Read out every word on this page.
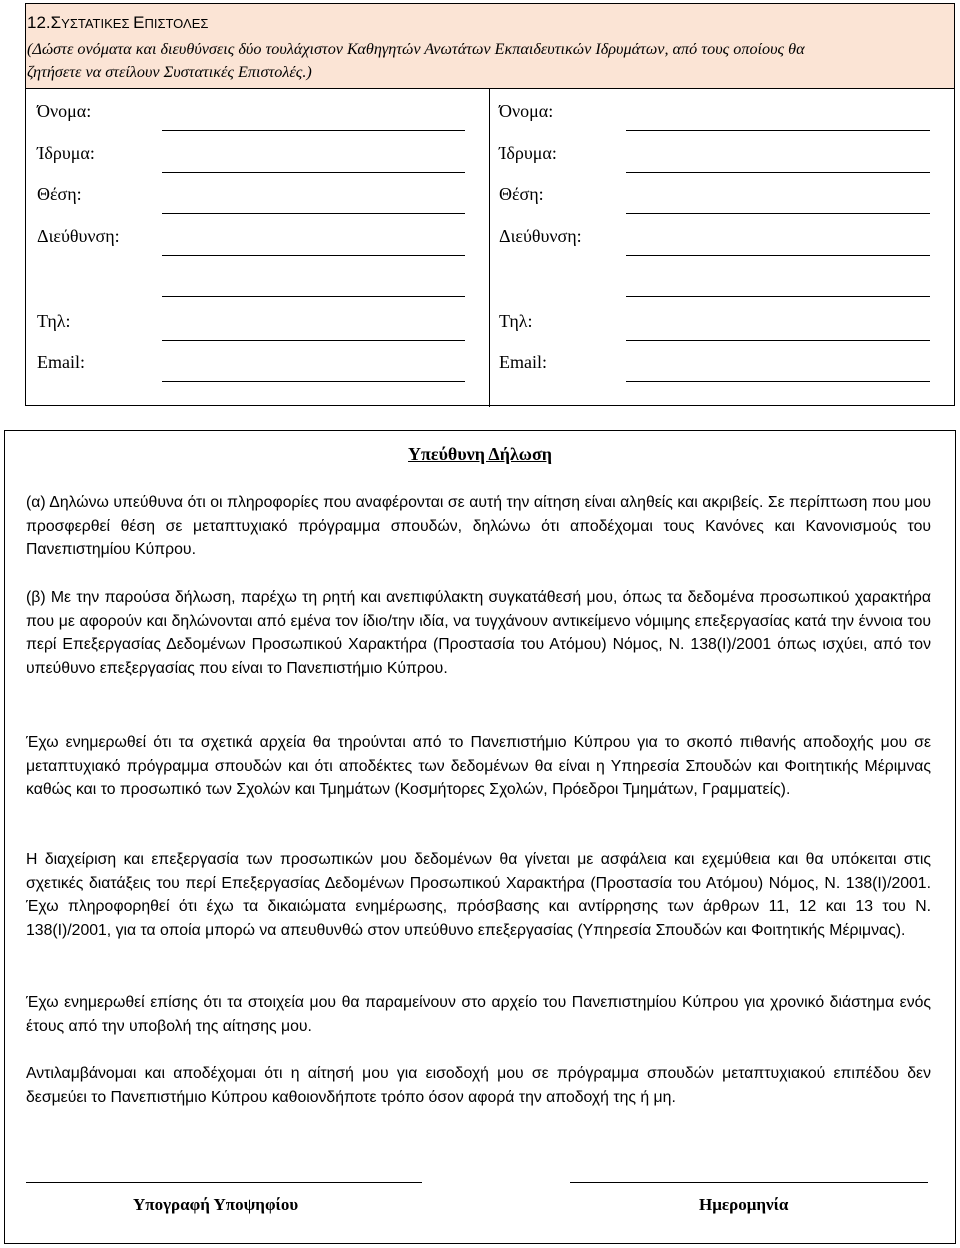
12.ΣΥΣΤΑΤΙΚΕΣ ΕΠΙΣΤΟΛΕΣ
(Δώστε ονόματα και διευθύνσεις δύο τουλάχιστον Καθηγητών Ανωτάτων Εκπαιδευτικών Ιδρυμάτων, από τους οποίους θα
ζητήσετε να στείλουν Συστατικές Επιστολές.)
Όνομα:
Ίδρυμα:
Θέση:
Διεύθυνση:
Τηλ:
Email:
Όνομα:
Ίδρυμα:
Θέση:
Διεύθυνση:
Τηλ:
Email:
Υπεύθυνη Δήλωση
(α) Δηλώνω υπεύθυνα ότι οι πληροφορίες που αναφέρονται σε αυτή την αίτηση είναι αληθείς και ακριβείς. Σε περίπτωση που μου προσφερθεί θέση σε μεταπτυχιακό πρόγραμμα σπουδών, δηλώνω ότι αποδέχομαι τους Κανόνες και Κανονισμούς του Πανεπιστημίου Κύπρου.
(β) Με την παρούσα δήλωση, παρέχω τη ρητή και ανεπιφύλακτη συγκατάθεσή μου, όπως τα δεδομένα προσωπικού χαρακτήρα που με αφορούν και δηλώνονται από εμένα τον ίδιο/την ιδία, να τυγχάνουν αντικείμενο νόμιμης επεξεργασίας κατά την έννοια του περί Επεξεργασίας Δεδομένων Προσωπικού Χαρακτήρα (Προστασία του Ατόμου) Νόμος, Ν. 138(Ι)/2001 όπως ισχύει, από τον υπεύθυνο επεξεργασίας που είναι το Πανεπιστήμιο Κύπρου.
Έχω ενημερωθεί ότι τα σχετικά αρχεία θα τηρούνται από το Πανεπιστήμιο Κύπρου για το σκοπό πιθανής αποδοχής μου σε μεταπτυχιακό πρόγραμμα σπουδών και ότι αποδέκτες των δεδομένων θα είναι η Υπηρεσία Σπουδών και Φοιτητικής Μέριμνας καθώς και το προσωπικό των Σχολών και Τμημάτων (Κοσμήτορες Σχολών, Πρόεδροι Τμημάτων, Γραμματείς).
Η διαχείριση και επεξεργασία των προσωπικών μου δεδομένων θα γίνεται με ασφάλεια και εχεμύθεια και θα υπόκειται στις σχετικές διατάξεις του περί Επεξεργασίας Δεδομένων Προσωπικού Χαρακτήρα (Προστασία του Ατόμου) Νόμος, Ν. 138(Ι)/2001. Έχω πληροφορηθεί ότι έχω τα δικαιώματα ενημέρωσης, πρόσβασης και αντίρρησης των άρθρων 11, 12 και 13 του Ν. 138(Ι)/2001, για τα οποία μπορώ να απευθυνθώ στον υπεύθυνο επεξεργασίας (Υπηρεσία Σπουδών και Φοιτητικής Μέριμνας).
Έχω ενημερωθεί επίσης ότι τα στοιχεία μου θα παραμείνουν στο αρχείο του Πανεπιστημίου Κύπρου για χρονικό διάστημα ενός έτους από την υποβολή της αίτησης μου.
Αντιλαμβάνομαι και αποδέχομαι ότι η αίτησή μου για εισοδοχή μου σε πρόγραμμα σπουδών μεταπτυχιακού επιπέδου δεν δεσμεύει το Πανεπιστήμιο Κύπρου καθοιονδήποτε τρόπο όσον αφορά την αποδοχή της ή μη.
Υπογραφή Υποψηφίου	Ημερομηνία
